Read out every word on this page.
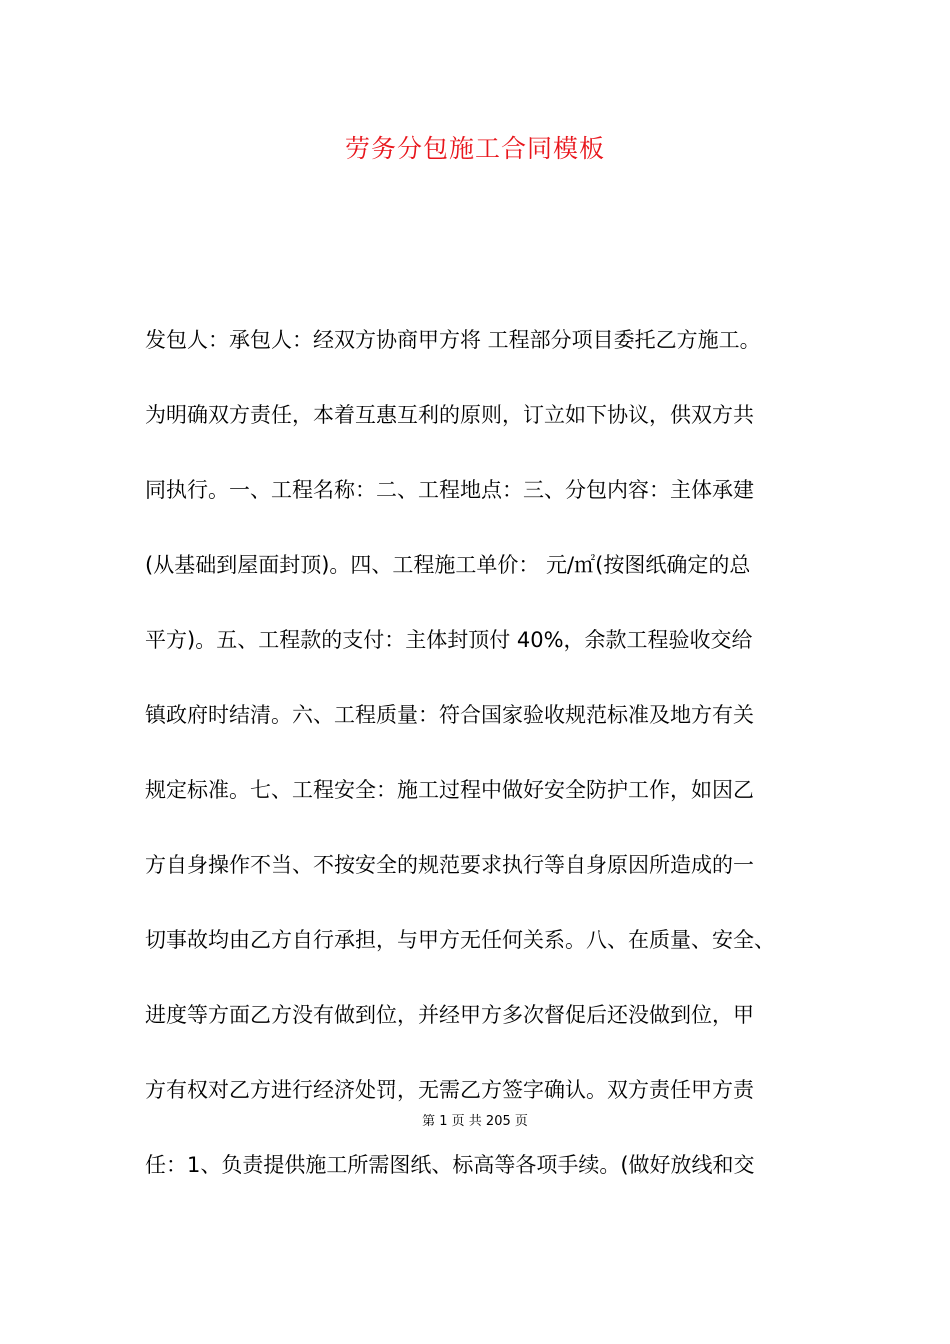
劳务分包施工合同模板
发包人：承包人：经双方协商甲方将 工程部分项目委托乙方施工。
为明确双方责任，本着互惠互利的原则，订立如下协议，供双方共
同执行。一、工程名称：二、工程地点：三、分包内容：主体承建
(从基础到屋面封顶)。四、工程施工单价： 元/㎡(按图纸确定的总
平方)。五、工程款的支付：主体封顶付 40%，余款工程验收交给
镇政府时结清。六、工程质量：符合国家验收规范标准及地方有关
规定标准。七、工程安全：施工过程中做好安全防护工作，如因乙
方自身操作不当、不按安全的规范要求执行等自身原因所造成的一
切事故均由乙方自行承担，与甲方无任何关系。八、在质量、安全、
进度等方面乙方没有做到位，并经甲方多次督促后还没做到位，甲
方有权对乙方进行经济处罚，无需乙方签字确认。双方责任甲方责
任：1、负责提供施工所需图纸、标高等各项手续。(做好放线和交
第 1 页 共 205 页
